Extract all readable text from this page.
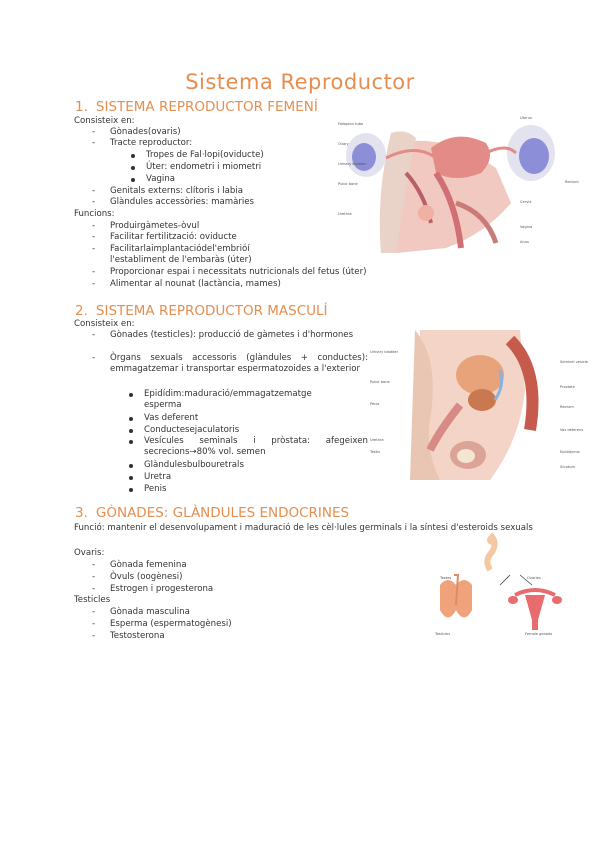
Sistema Reproductor
1. SISTEMA REPRODUCTOR FEMENÍ
Consisteix en:
- Gònades(ovaris)
- Tracte reproductor:
Tropes de Fal·lopi(oviducte)
Úter: endometri i miometri
Vagina
- Genitals externs: clítoris i labia
- Glàndules accessòries: mamàries
Funcions:
- Produirgàmetes-òvul
- Facilitar fertilització: oviducte
- Facilitarlaimplantaciódel'embrióí
l'establiment de l'embaràs (úter)
- Proporcionar espai i necessitats nutricionals del fetus (úter)
- Alimentar al nounat (lactància, mames)
Fallopian tube
Ovary
Urinary bladder
Pubic bone
Urethra
Uterus
Rectum
Cervix
Vagina
Anus
2. SISTEMA REPRODUCTOR MASCULÍ
Consisteix en:
- Gònades (testicles): producció de gàmetes i d'hormones
- Òrgans sexuals accessoris (glàndules + conductes): emmagatzemar i transportar espermatozoides a l'exterior
Epidídim:maduració/emmagatzematge esperma
Vas deferent
Conductesejaculatoris
Vesícules seminals i pròstata: afegeixen secrecions→80% vol. semen
Glàndulesbulbouretrals
Uretra
Penis
Urinary bladder
Pubic bone
Penis
Urethra
Testis
Seminal vesicle
Prostate
Rectum
Vas deferens
Epididymis
Scrotum
3. GÒNADES: GLÀNDULES ENDOCRINES
Funció: mantenir el desenvolupament i maduració de les cèl·lules germinals i la síntesi d'esteroids sexuals
Ovaris:
- Gònada femenina
- Òvuls (oogènesi)
- Estrogen i progesterona
Testicles
- Gònada masculina
- Esperma (espermatogènesi)
- Testosterona
Testes	Ovaries
Testicles	Female gonads
